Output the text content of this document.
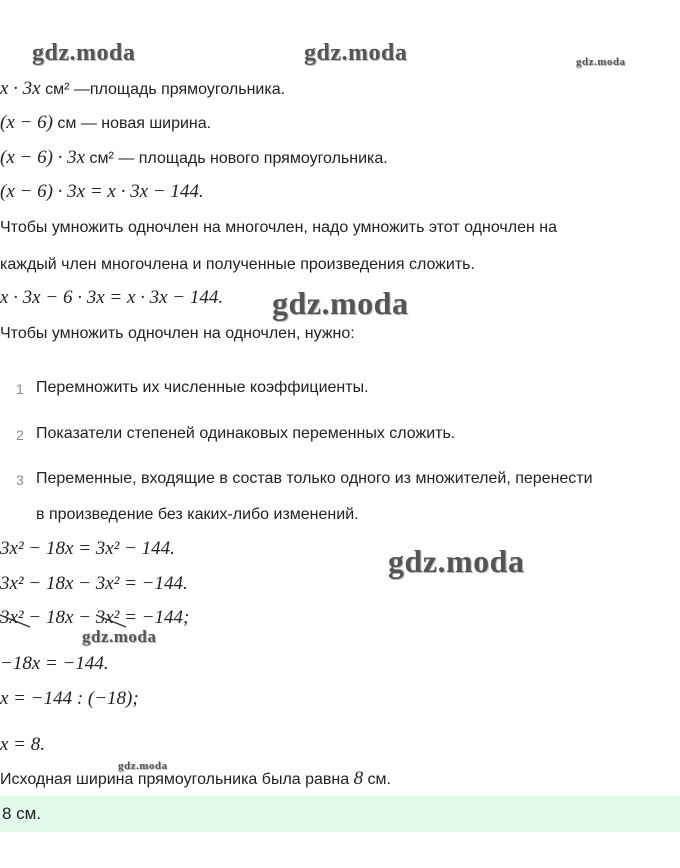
gdz.moda	gdz.moda	gdz.moda
gdz.moda
gdz.moda
gdz.moda
gdz.moda
x · 3x см² —площадь прямоугольника.
(x − 6) см — новая ширина.
(x − 6) · 3x см² — площадь нового прямоугольника.
(x − 6) · 3x = x · 3x − 144.
Чтобы умножить одночлен на многочлен, надо умножить этот одночлен на
каждый член многочлена и полученные произведения сложить.
x · 3x − 6 · 3x = x · 3x − 144.
Чтобы умножить одночлен на одночлен, нужно:
1 Перемножить их численные коэффициенты.
2 Показатели степеней одинаковых переменных сложить.
3 Переменные, входящие в состав только одного из множителей, перенести
в произведение без каких-либо изменений.
3x² − 18x = 3x² − 144.
3x² − 18x − 3x² = −144.
3x²
− 18x − 3x²
= −144;
−18x = −144.
x = −144 : (−18);
x = 8.
Исходная ширина прямоугольника была равна 8 см.
8 см.
